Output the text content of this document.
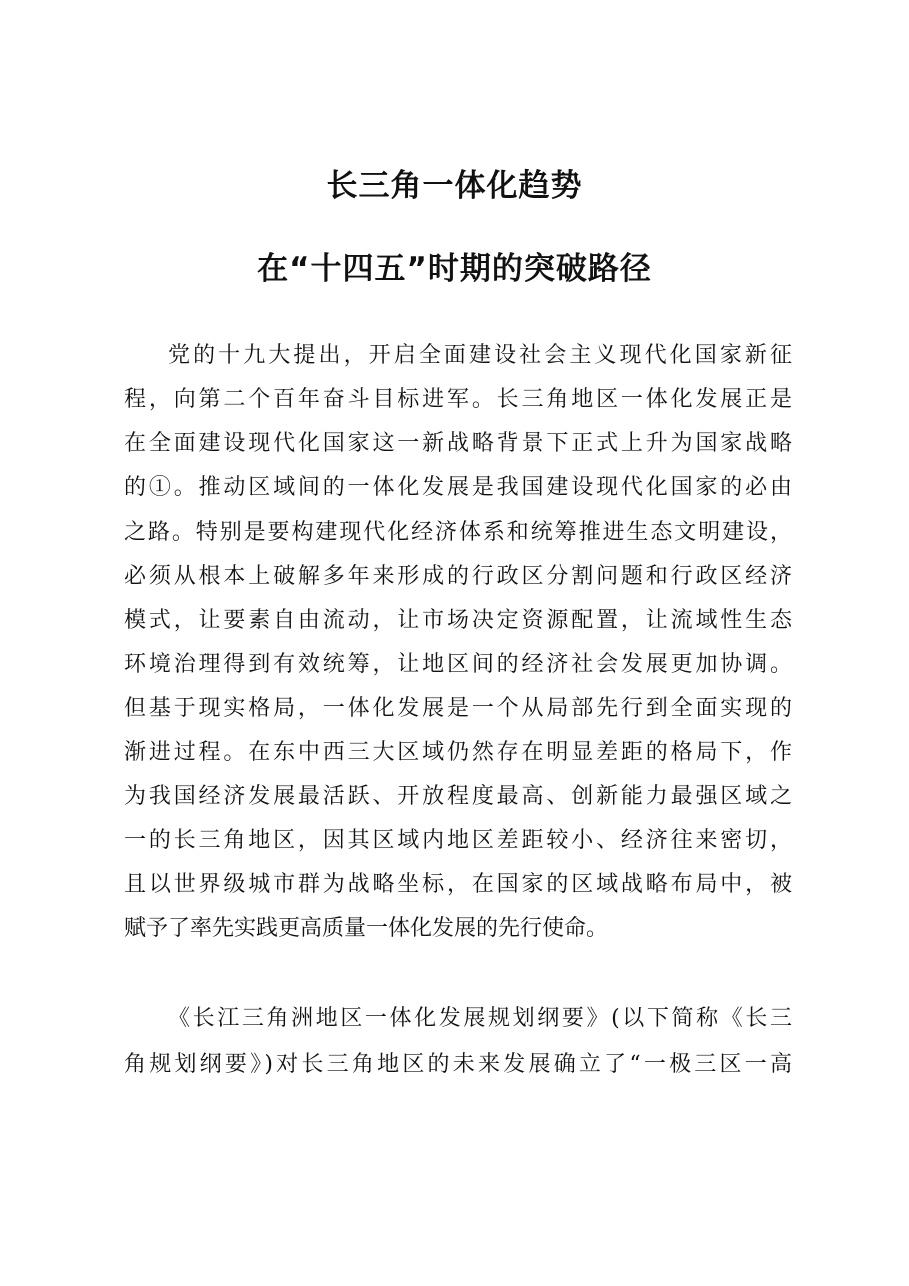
长三角一体化趋势
在“十四五”时期的突破路径
党的十九大提出，开启全面建设社会主义现代化国家新征
程，向第二个百年奋斗目标进军。长三角地区一体化发展正是
在全面建设现代化国家这一新战略背景下正式上升为国家战略
的①。推动区域间的一体化发展是我国建设现代化国家的必由
之路。特别是要构建现代化经济体系和统筹推进生态文明建设，
必须从根本上破解多年来形成的行政区分割问题和行政区经济
模式，让要素自由流动，让市场决定资源配置，让流域性生态
环境治理得到有效统筹，让地区间的经济社会发展更加协调。
但基于现实格局，一体化发展是一个从局部先行到全面实现的
渐进过程。在东中西三大区域仍然存在明显差距的格局下，作
为我国经济发展最活跃、开放程度最高、创新能力最强区域之
一的长三角地区，因其区域内地区差距较小、经济往来密切，
且以世界级城市群为战略坐标，在国家的区域战略布局中，被
赋予了率先实践更高质量一体化发展的先行使命。
《长江三角洲地区一体化发展规划纲要》(以下简称《长三
角规划纲要》)对长三角地区的未来发展确立了“一极三区一高
